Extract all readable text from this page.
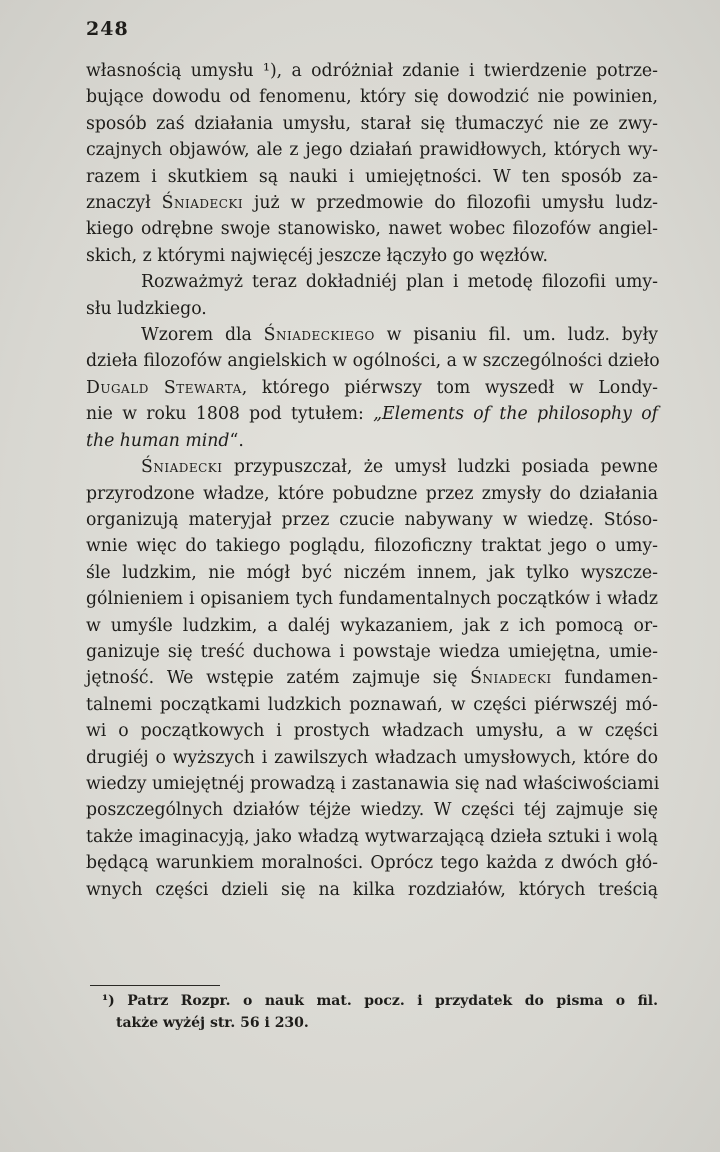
248
własnością umysłu ¹), a odróżniał zdanie i twierdzenie potrze-
bujące dowodu od fenomenu, który się dowodzić nie powinien,
sposób zaś działania umysłu, starał się tłumaczyć nie ze zwy-
czajnych objawów, ale z jego działań prawidłowych, których wy-
razem i skutkiem są nauki i umiejętności. W ten sposób za-
znaczył Śniadecki już w przedmowie do filozofii umysłu ludz-
kiego odrębne swoje stanowisko, nawet wobec filozofów angiel-
skich, z którymi najwięcéj jeszcze łączyło go węzłów.
Rozważmyż teraz dokładniéj plan i metodę filozofii umy-
słu ludzkiego.
Wzorem dla Śniadeckiego w pisaniu fil. um. ludz. były
dzieła filozofów angielskich w ogólności, a w szczególności dzieło
Dugald Stewarta, którego piérwszy tom wyszedł w Londy-
nie w roku 1808 pod tytułem: „Elements of the philosophy of
the human mind“.
Śniadecki przypuszczał, że umysł ludzki posiada pewne
przyrodzone władze, które pobudzne przez zmysły do działania
organizują materyjał przez czucie nabywany w wiedzę. Stóso-
wnie więc do takiego poglądu, filozoficzny traktat jego o umy-
śle ludzkim, nie mógł być niczém innem, jak tylko wyszcze-
gólnieniem i opisaniem tych fundamentalnych początków i władz
w umyśle ludzkim, a daléj wykazaniem, jak z ich pomocą or-
ganizuje się treść duchowa i powstaje wiedza umiejętna, umie-
jętność. We wstępie zatém zajmuje się Śniadecki fundamen-
talnemi początkami ludzkich poznawań, w części piérwszéj mó-
wi o początkowych i prostych władzach umysłu, a w części
drugiéj o wyższych i zawilszych władzach umysłowych, które do
wiedzy umiejętnéj prowadzą i zastanawia się nad właściwościami
poszczególnych działów téjże wiedzy. W części téj zajmuje się
także imaginacyją, jako władzą wytwarzającą dzieła sztuki i wolą
będącą warunkiem moralności. Oprócz tego każda z dwóch głó-
wnych części dzieli się na kilka rozdziałów, których treścią
¹) Patrz Rozpr. o nauk mat. pocz. i przydatek do pisma o fil.
także wyżéj str. 56 i 230.
